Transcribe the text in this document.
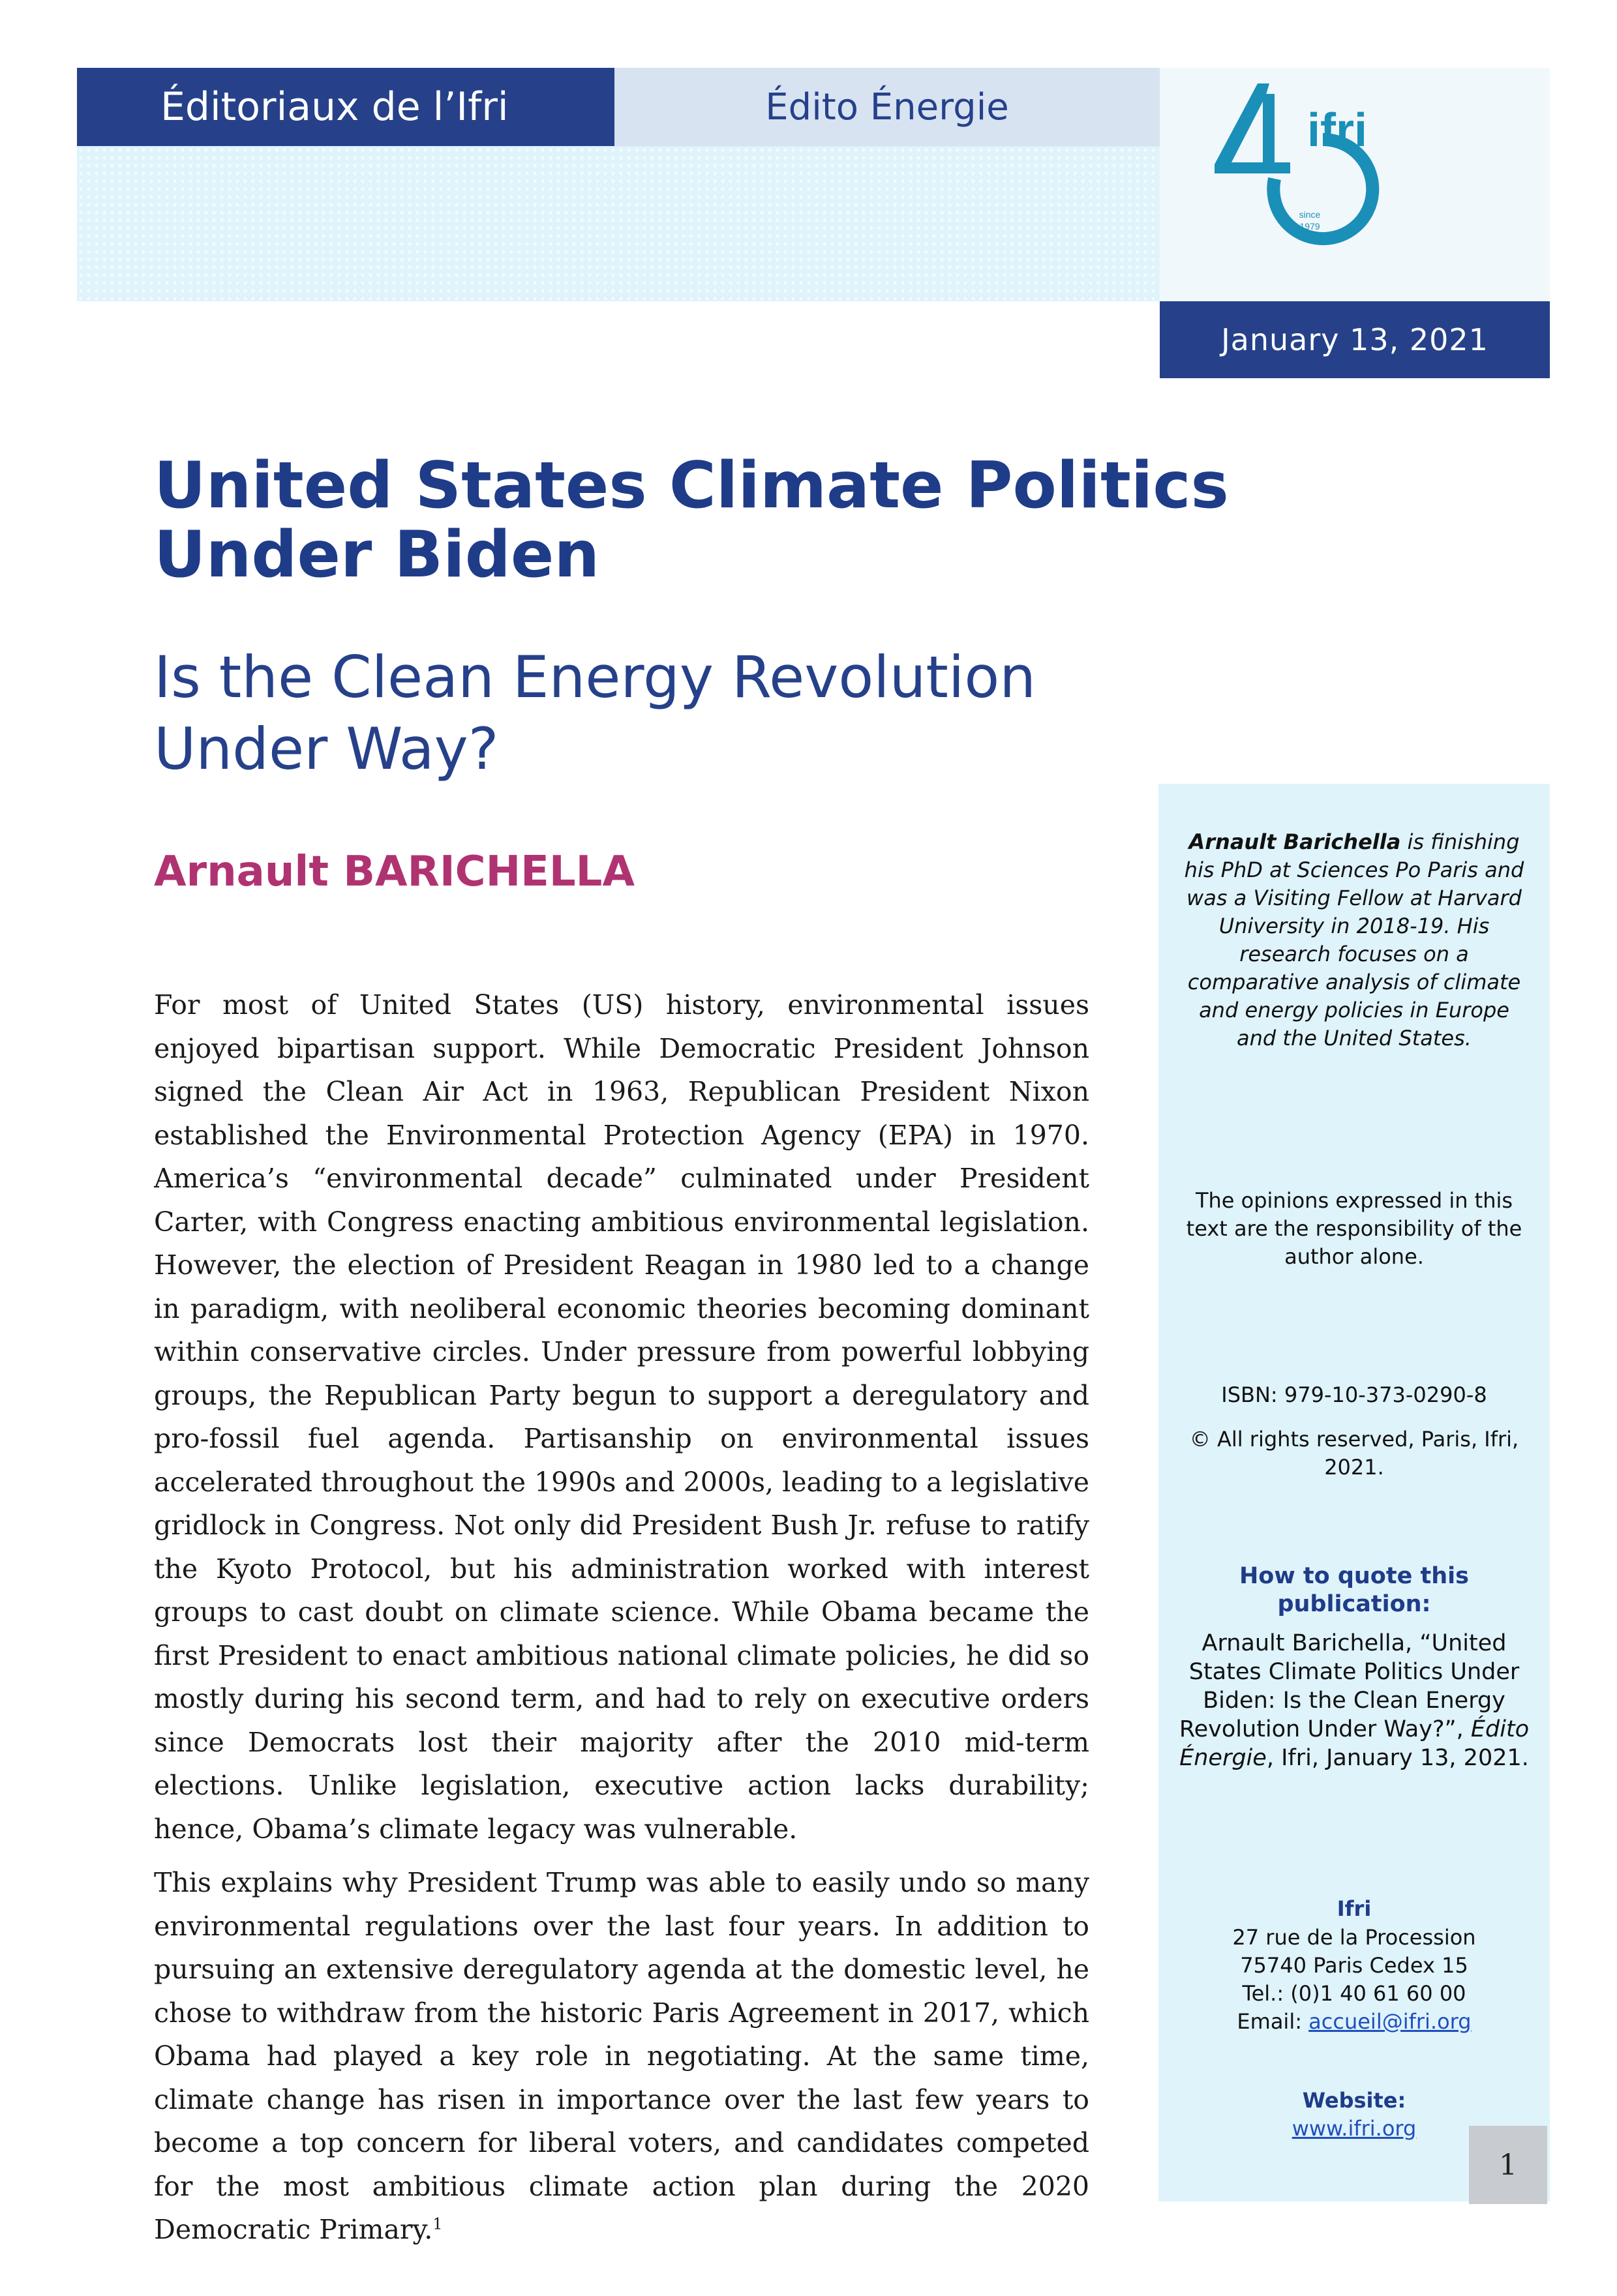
Éditoriaux de l’Ifri	Édito Énergie	ifri
since
1979
January 13, 2021
United States Climate Politics Under Biden
Is the Clean Energy Revolution Under Way?
Arnault BARICHELLA

For most of United States (US) history, environmental issues enjoyed bipartisan support. While Democratic President Johnson signed the Clean Air Act in 1963, Republican President Nixon established the Environmental Protection Agency (EPA) in 1970. America’s “environmental decade” culminated under President Carter, with Congress enacting ambitious environmental legislation. However, the election of President Reagan in 1980 led to a change in paradigm, with neoliberal economic theories becoming dominant within conservative circles. Under pressure from powerful lobbying groups, the Republican Party begun to support a deregulatory and pro-fossil fuel agenda. Partisanship on environmental issues accelerated throughout the 1990s and 2000s, leading to a legislative gridlock in Congress. Not only did President Bush Jr. refuse to ratify the Kyoto Protocol, but his administration worked with interest groups to cast doubt on climate science. While Obama became the first President to enact ambitious national climate policies, he did so mostly during his second term, and had to rely on executive orders since Democrats lost their majority after the 2010 mid-term elections. Unlike legislation, executive action lacks durability; hence, Obama’s climate legacy was vulnerable.

This explains why President Trump was able to easily undo so many environmental regulations over the last four years. In addition to pursuing an extensive deregulatory agenda at the domestic level, he chose to withdraw from the historic Paris Agreement in 2017, which Obama had played a key role in negotiating. At the same time, climate change has risen in importance over the last few years to become a top concern for liberal voters, and candidates competed for the most ambitious climate action plan during the 2020 Democratic Primary.$^1$

Arnault Barichella is finishing his PhD at Sciences Po Paris and was a Visiting Fellow at Harvard University in 2018-19. His research focuses on a comparative analysis of climate and energy policies in Europe and the United States.
The opinions expressed in this text are the responsibility of the author alone.
ISBN: 979-10-373-0290-8
© All rights reserved, Paris, Ifri, 2021.
How to quote this publication:
Arnault Barichella, “United States Climate Politics Under Biden: Is the Clean Energy Revolution Under Way?”, Édito Énergie, Ifri, January 13, 2021.
Ifri
27 rue de la Procession
75740 Paris Cedex 15
Tel.: (0)1 40 61 60 00
Email: accueil@ifri.org
Website:
www.ifri.org
1
